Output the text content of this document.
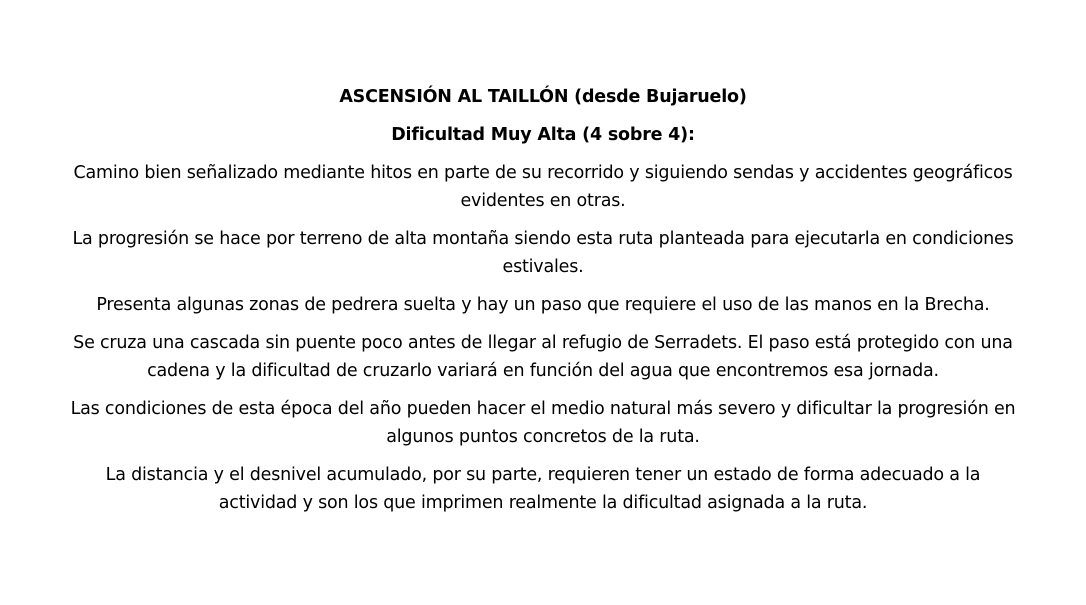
ASCENSIÓN AL TAILLÓN (desde Bujaruelo)

Dificultad Muy Alta (4 sobre 4):

Camino bien señalizado mediante hitos en parte de su recorrido y siguiendo sendas y accidentes geográficos evidentes en otras.

La progresión se hace por terreno de alta montaña siendo esta ruta planteada para ejecutarla en condiciones estivales.

Presenta algunas zonas de pedrera suelta y hay un paso que requiere el uso de las manos en la Brecha.

Se cruza una cascada sin puente poco antes de llegar al refugio de Serradets. El paso está protegido con una cadena y la dificultad de cruzarlo variará en función del agua que encontremos esa jornada.

Las condiciones de esta época del año pueden hacer el medio natural más severo y dificultar la progresión en algunos puntos concretos de la ruta.

La distancia y el desnivel acumulado, por su parte, requieren tener un estado de forma adecuado a la actividad y son los que imprimen realmente la dificultad asignada a la ruta.
